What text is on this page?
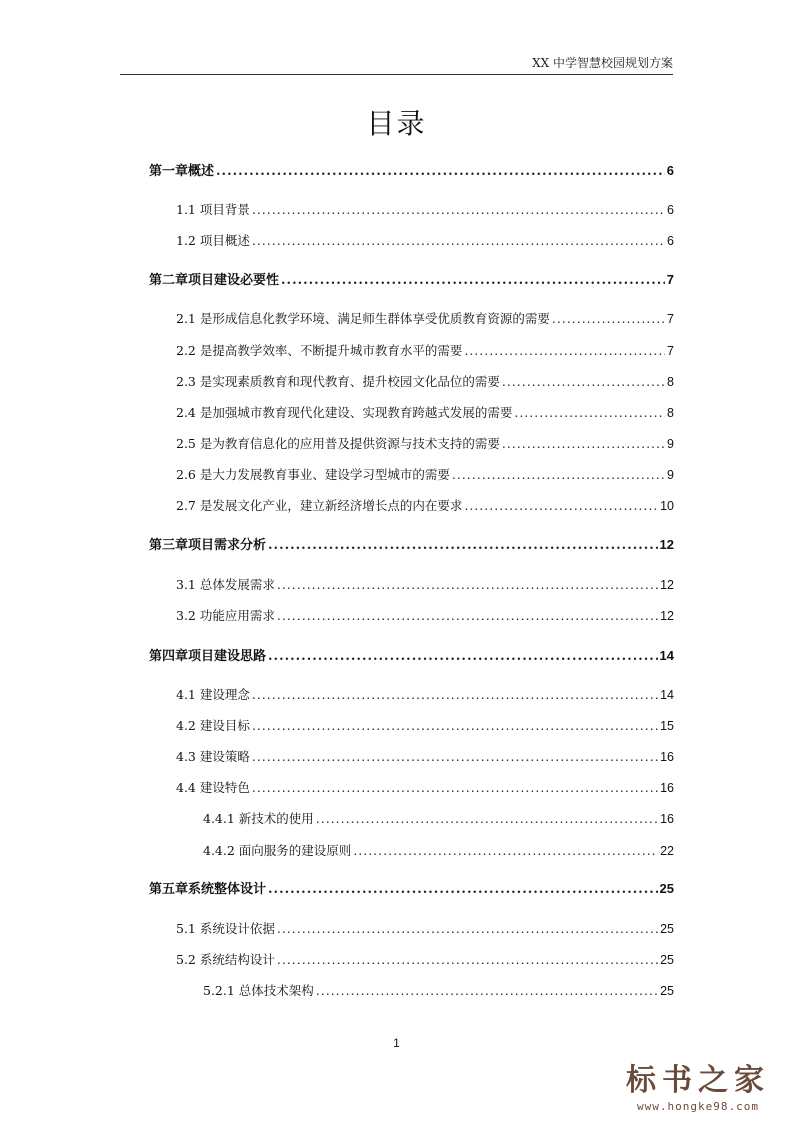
XX 中学智慧校园规划方案
目录
第一章概述 .....	6
1.1 项目背景 .....	6
1.2 项目概述 .....	6
第二章项目建设必要性 .....	7
2.1 是形成信息化教学环境、满足师生群体享受优质教育资源的需要 .....	7
2.2 是提高教学效率、不断提升城市教育水平的需要 .....	7
2.3 是实现素质教育和现代教育、提升校园文化品位的需要 .....	8
2.4 是加强城市教育现代化建设、实现教育跨越式发展的需要 .....	8
2.5 是为教育信息化的应用普及提供资源与技术支持的需要 .....	9
2.6 是大力发展教育事业、建设学习型城市的需要 .....	9
2.7 是发展文化产业，建立新经济增长点的内在要求 .....	10
第三章项目需求分析 .....	12
3.1 总体发展需求 .....	12
3.2 功能应用需求 .....	12
第四章项目建设思路 .....	14
4.1 建设理念 .....	14
4.2 建设目标 .....	15
4.3 建设策略 .....	16
4.4 建设特色 .....	16
4.4.1 新技术的使用 .....	16
4.4.2 面向服务的建设原则 .....	22
第五章系统整体设计 .....	25
5.1 系统设计依据 .....	25
5.2 系统结构设计 .....	25
5.2.1 总体技术架构 .....	25
1
标书之家
www.hongke98.com
